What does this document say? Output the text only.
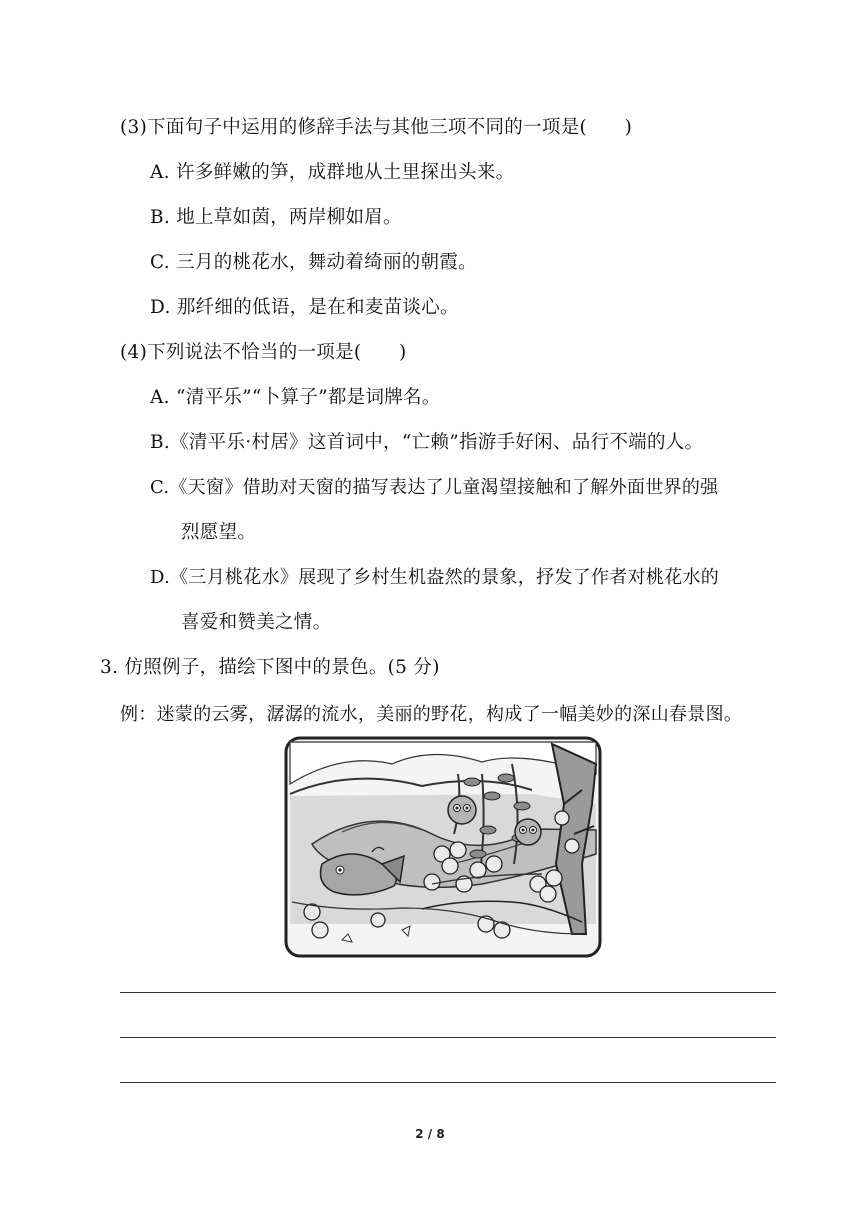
(3)下面句子中运用的修辞手法与其他三项不同的一项是(　　)
A. 许多鲜嫩的笋，成群地从土里探出头来。
B. 地上草如茵，两岸柳如眉。
C. 三月的桃花水，舞动着绮丽的朝霞。
D. 那纤细的低语，是在和麦苗谈心。
(4)下列说法不恰当的一项是(　　)
A. “清平乐”“卜算子”都是词牌名。
B.《清平乐·村居》这首词中，“亡赖”指游手好闲、品行不端的人。
C.《天窗》借助对天窗的描写表达了儿童渴望接触和了解外面世界的强
烈愿望。
D.《三月桃花水》展现了乡村生机盎然的景象，抒发了作者对桃花水的
喜爱和赞美之情。
3. 仿照例子，描绘下图中的景色。(5 分)
例：迷蒙的云雾，潺潺的流水，美丽的野花，构成了一幅美妙的深山春景图。
2 / 8
